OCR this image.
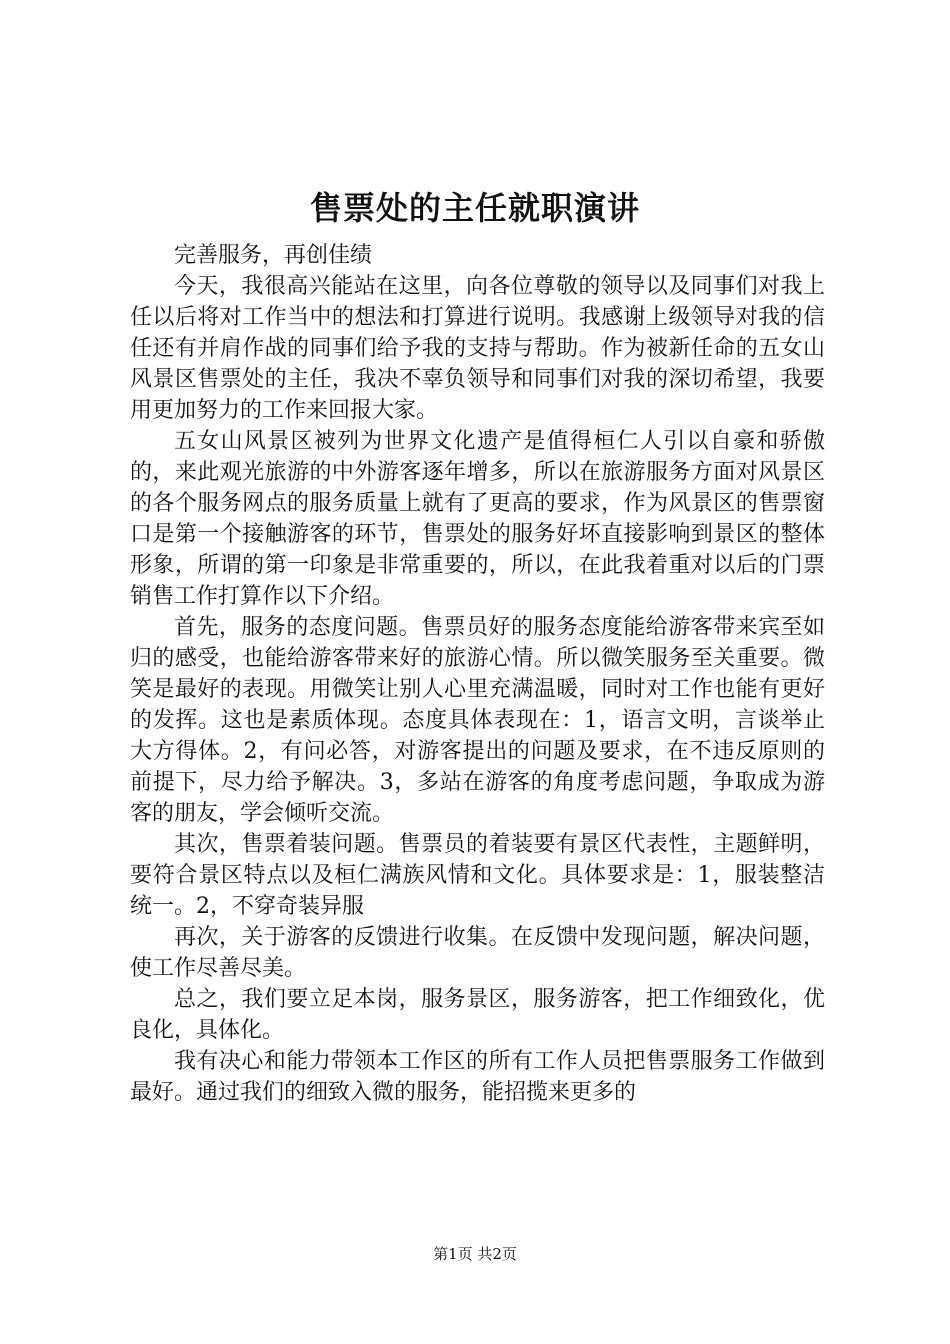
售票处的主任就职演讲

完善服务，再创佳绩

今天，我很高兴能站在这里，向各位尊敬的领导以及同事们对我上任以后将对工作当中的想法和打算进行说明。我感谢上级领导对我的信任还有并肩作战的同事们给予我的支持与帮助。作为被新任命的五女山风景区售票处的主任，我决不辜负领导和同事们对我的深切希望，我要用更加努力的工作来回报大家。

五女山风景区被列为世界文化遗产是值得桓仁人引以自豪和骄傲的，来此观光旅游的中外游客逐年增多，所以在旅游服务方面对风景区的各个服务网点的服务质量上就有了更高的要求，作为风景区的售票窗口是第一个接触游客的环节，售票处的服务好坏直接影响到景区的整体形象，所谓的第一印象是非常重要的，所以，在此我着重对以后的门票销售工作打算作以下介绍。

首先，服务的态度问题。售票员好的服务态度能给游客带来宾至如归的感受，也能给游客带来好的旅游心情。所以微笑服务至关重要。微笑是最好的表现。用微笑让别人心里充满温暖，同时对工作也能有更好的发挥。这也是素质体现。态度具体表现在：1，语言文明，言谈举止大方得体。2，有问必答，对游客提出的问题及要求，在不违反原则的前提下，尽力给予解决。3，多站在游客的角度考虑问题，争取成为游客的朋友，学会倾听交流。

其次，售票着装问题。售票员的着装要有景区代表性，主题鲜明，要符合景区特点以及桓仁满族风情和文化。具体要求是：1，服装整洁统一。2，不穿奇装异服

再次，关于游客的反馈进行收集。在反馈中发现问题，解决问题，使工作尽善尽美。

总之，我们要立足本岗，服务景区，服务游客，把工作细致化，优良化，具体化。

我有决心和能力带领本工作区的所有工作人员把售票服务工作做到最好。通过我们的细致入微的服务，能招揽来更多的

第1页 共2页
